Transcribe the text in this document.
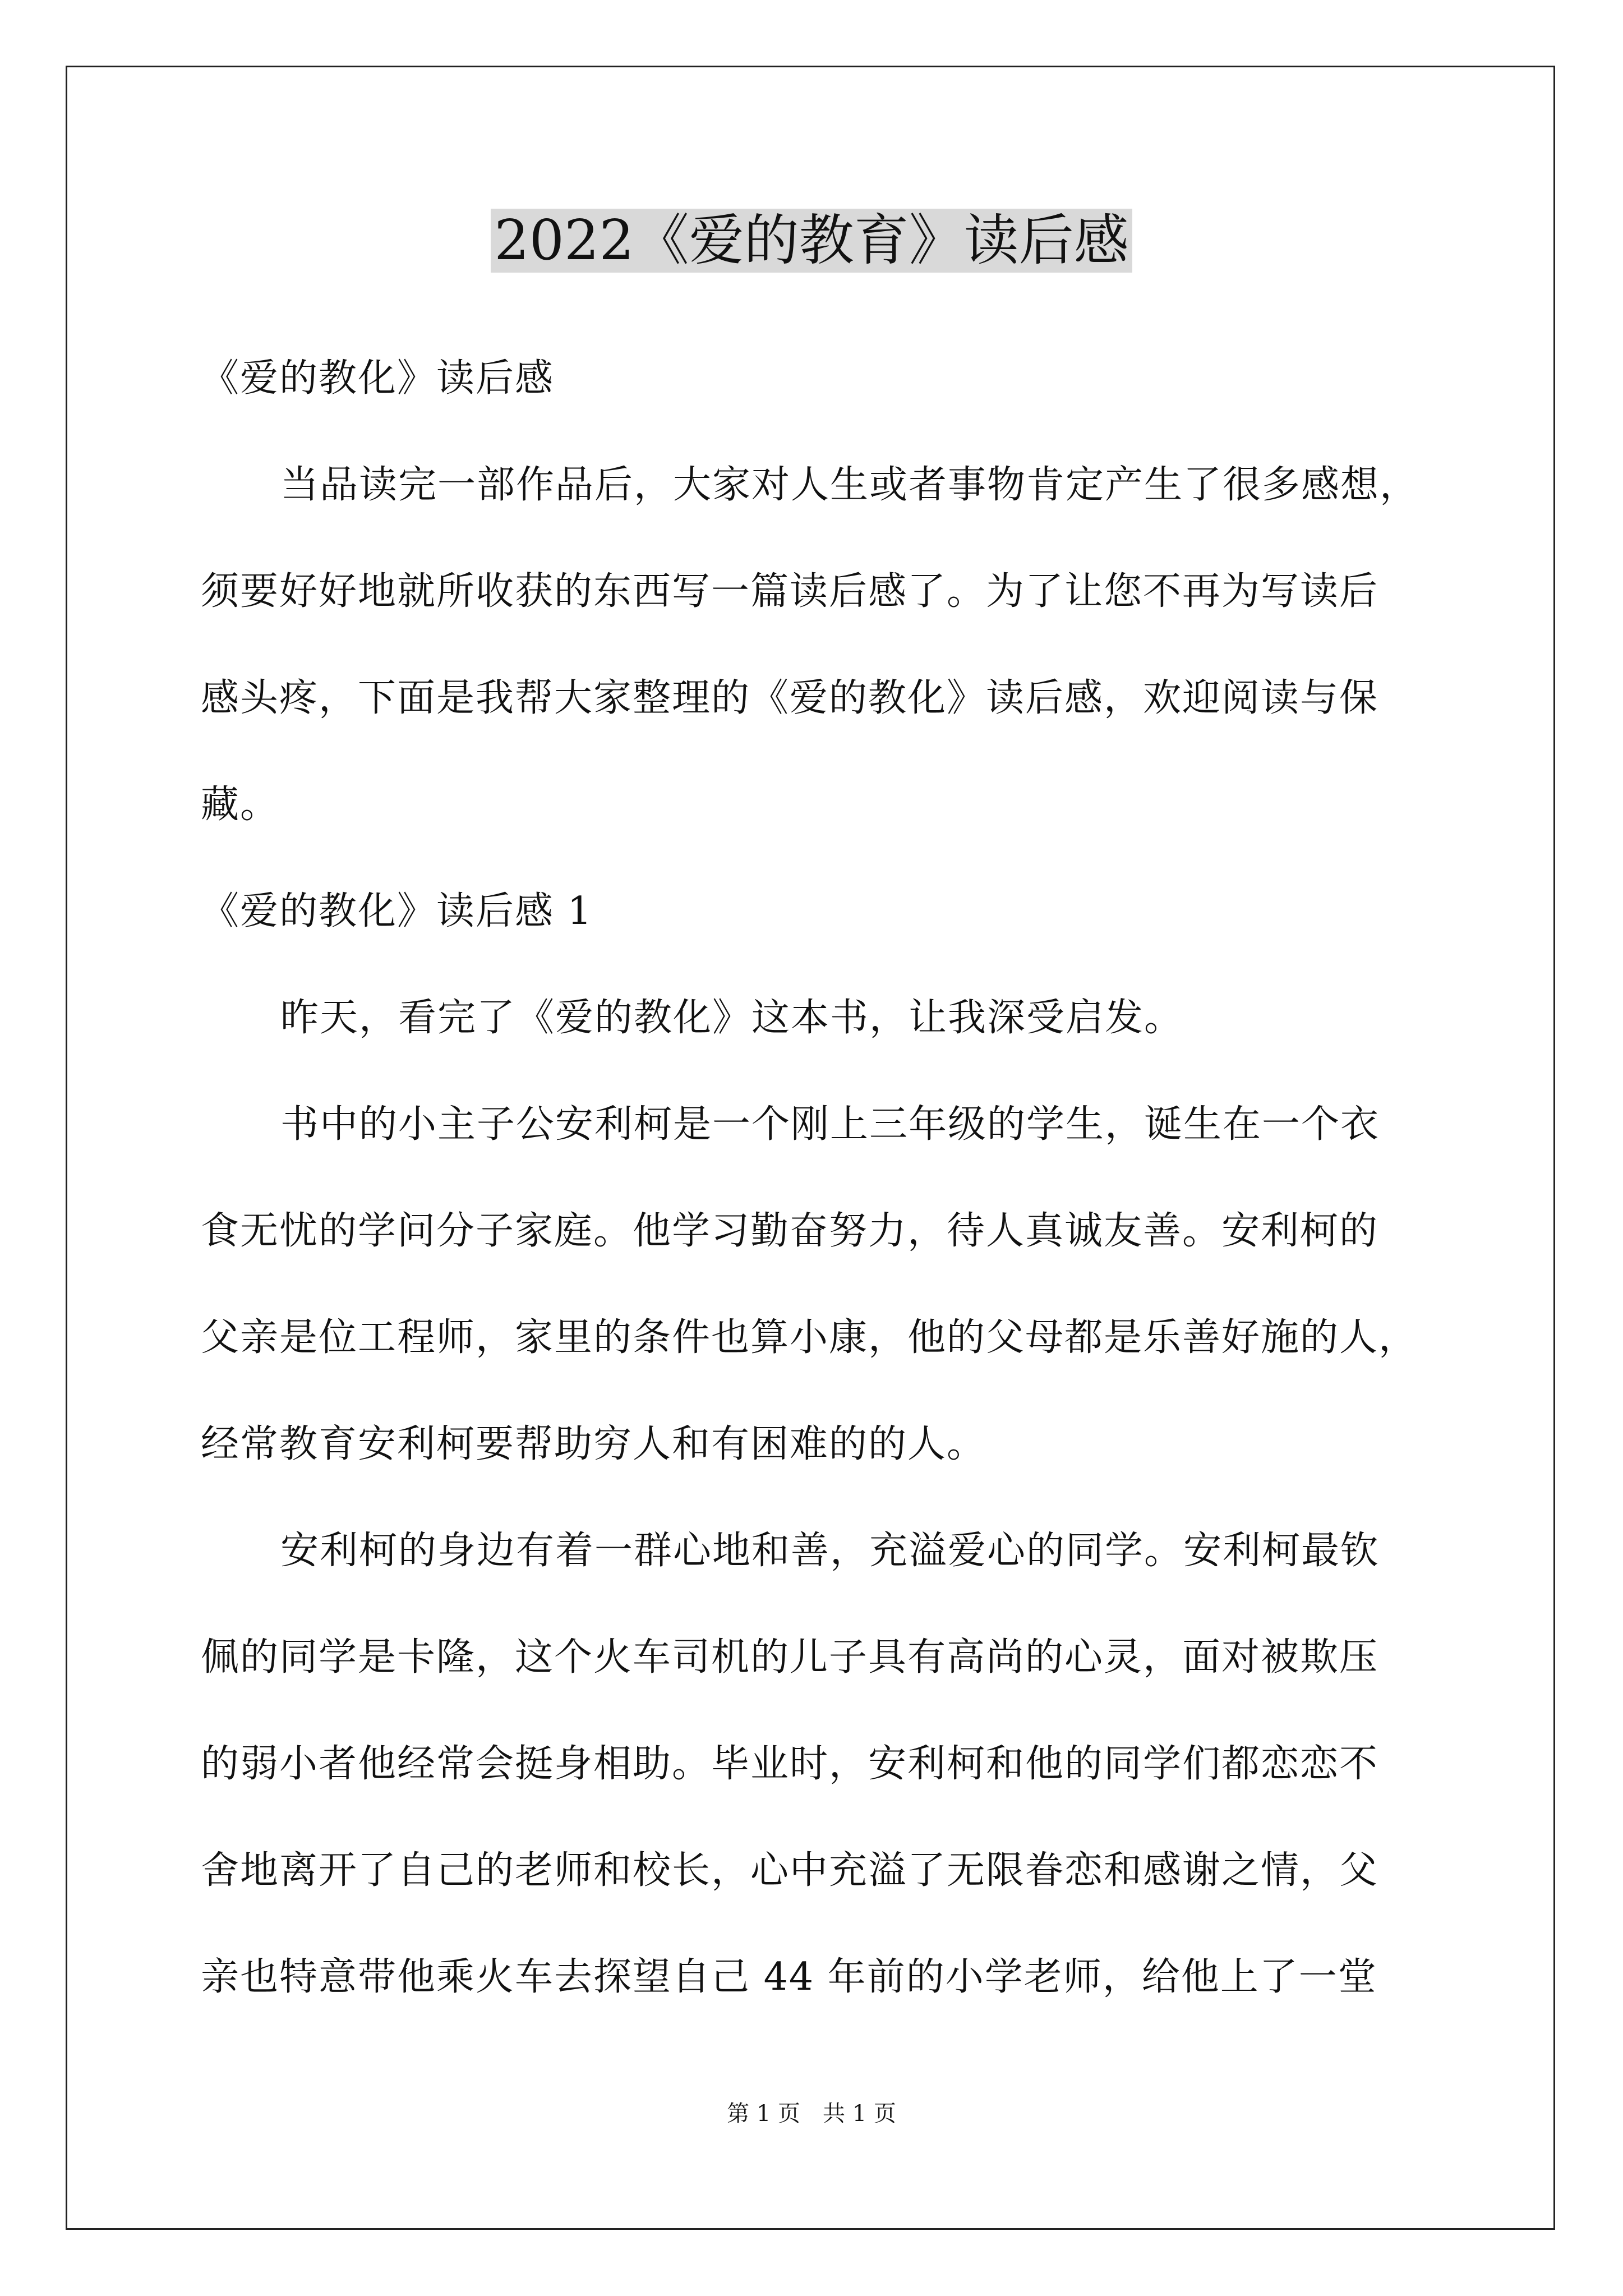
2022《爱的教育》读后感
《爱的教化》读后感
当品读完一部作品后，大家对人生或者事物肯定产生了很多感想，
须要好好地就所收获的东西写一篇读后感了。为了让您不再为写读后
感头疼，下面是我帮大家整理的《爱的教化》读后感，欢迎阅读与保
藏。
《爱的教化》读后感 1
昨天，看完了《爱的教化》这本书，让我深受启发。
书中的小主子公安利柯是一个刚上三年级的学生，诞生在一个衣
食无忧的学问分子家庭。他学习勤奋努力，待人真诚友善。安利柯的
父亲是位工程师，家里的条件也算小康，他的父母都是乐善好施的人，
经常教育安利柯要帮助穷人和有困难的的人。
安利柯的身边有着一群心地和善，充溢爱心的同学。安利柯最钦
佩的同学是卡隆，这个火车司机的儿子具有高尚的心灵，面对被欺压
的弱小者他经常会挺身相助。毕业时，安利柯和他的同学们都恋恋不
舍地离开了自己的老师和校长，心中充溢了无限眷恋和感谢之情，父
亲也特意带他乘火车去探望自己 44 年前的小学老师，给他上了一堂
第 1 页 共 1 页
